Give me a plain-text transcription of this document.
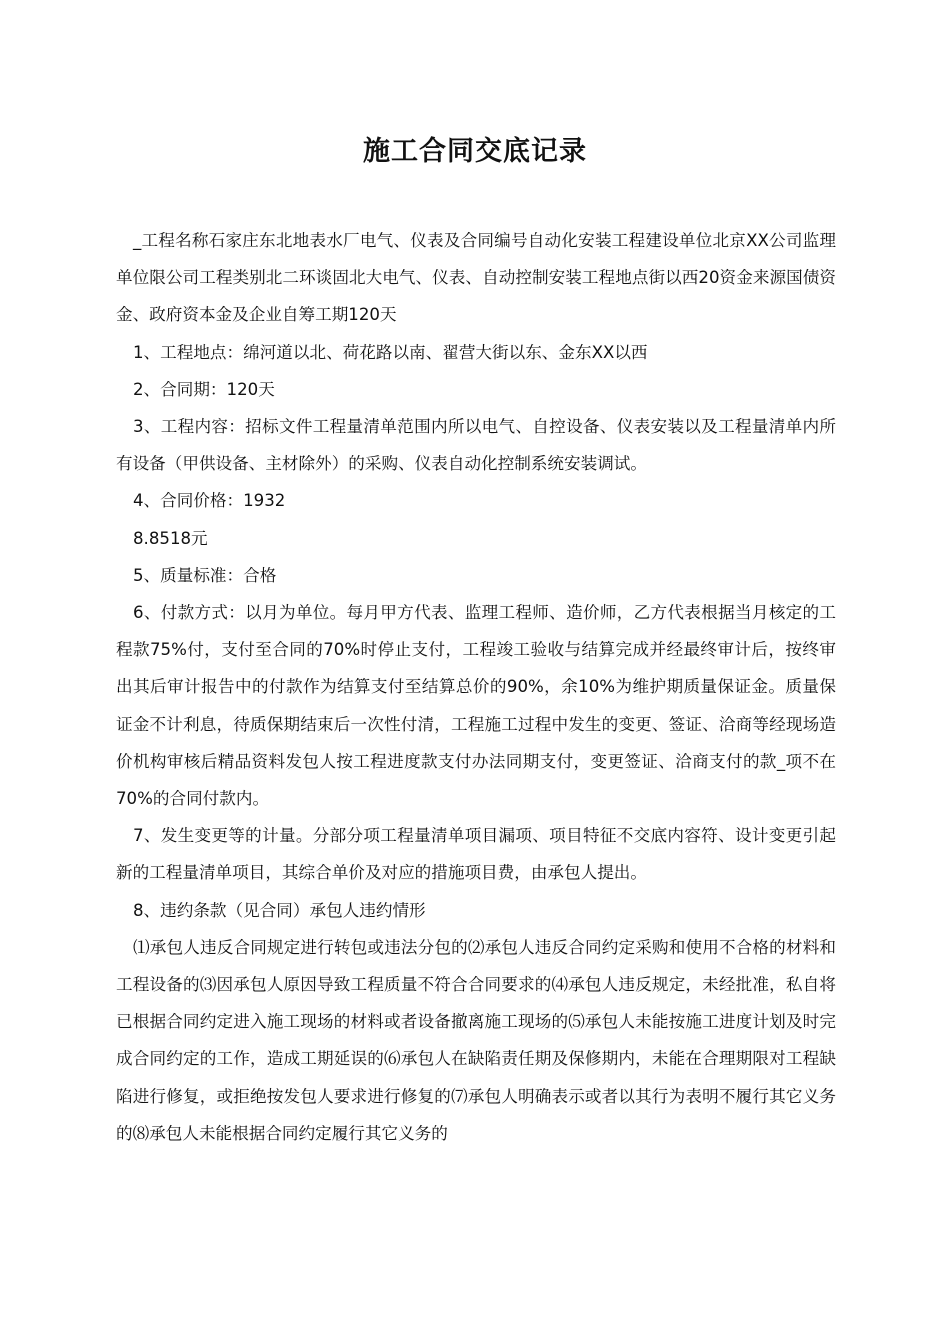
施工合同交底记录

_工程名称石家庄东北地表水厂电气、仪表及合同编号自动化安装工程建设单位北京XX公司监理单位限公司工程类别北二环谈固北大电气、仪表、自动控制安装工程地点街以西20资金来源国债资金、政府资本金及企业自筹工期120天

1、工程地点：绵河道以北、荷花路以南、翟营大街以东、金东XX以西

2、合同期：120天

3、工程内容：招标文件工程量清单范围内所以电气、自控设备、仪表安装以及工程量清单内所有设备（甲供设备、主材除外）的采购、仪表自动化控制系统安装调试。

4、合同价格：1932

8.8518元

5、质量标准：合格

6、付款方式：以月为单位。每月甲方代表、监理工程师、造价师，乙方代表根据当月核定的工程款75%付，支付至合同的70%时停止支付，工程竣工验收与结算完成并经最终审计后，按终审出其后审计报告中的付款作为结算支付至结算总价的90%，余10%为维护期质量保证金。质量保证金不计利息，待质保期结束后一次性付清，工程施工过程中发生的变更、签证、洽商等经现场造价机构审核后精品资料发包人按工程进度款支付办法同期支付，变更签证、洽商支付的款_项不在70%的合同付款内。

7、发生变更等的计量。分部分项工程量清单项目漏项、项目特征不交底内容符、设计变更引起新的工程量清单项目，其综合单价及对应的措施项目费，由承包人提出。

8、违约条款（见合同）承包人违约情形

⑴承包人违反合同规定进行转包或违法分包的⑵承包人违反合同约定采购和使用不合格的材料和工程设备的⑶因承包人原因导致工程质量不符合合同要求的⑷承包人违反规定，未经批准，私自将已根据合同约定进入施工现场的材料或者设备撤离施工现场的⑸承包人未能按施工进度计划及时完成合同约定的工作，造成工期延误的⑹承包人在缺陷责任期及保修期内，未能在合理期限对工程缺陷进行修复，或拒绝按发包人要求进行修复的⑺承包人明确表示或者以其行为表明不履行其它义务的⑻承包人未能根据合同约定履行其它义务的
